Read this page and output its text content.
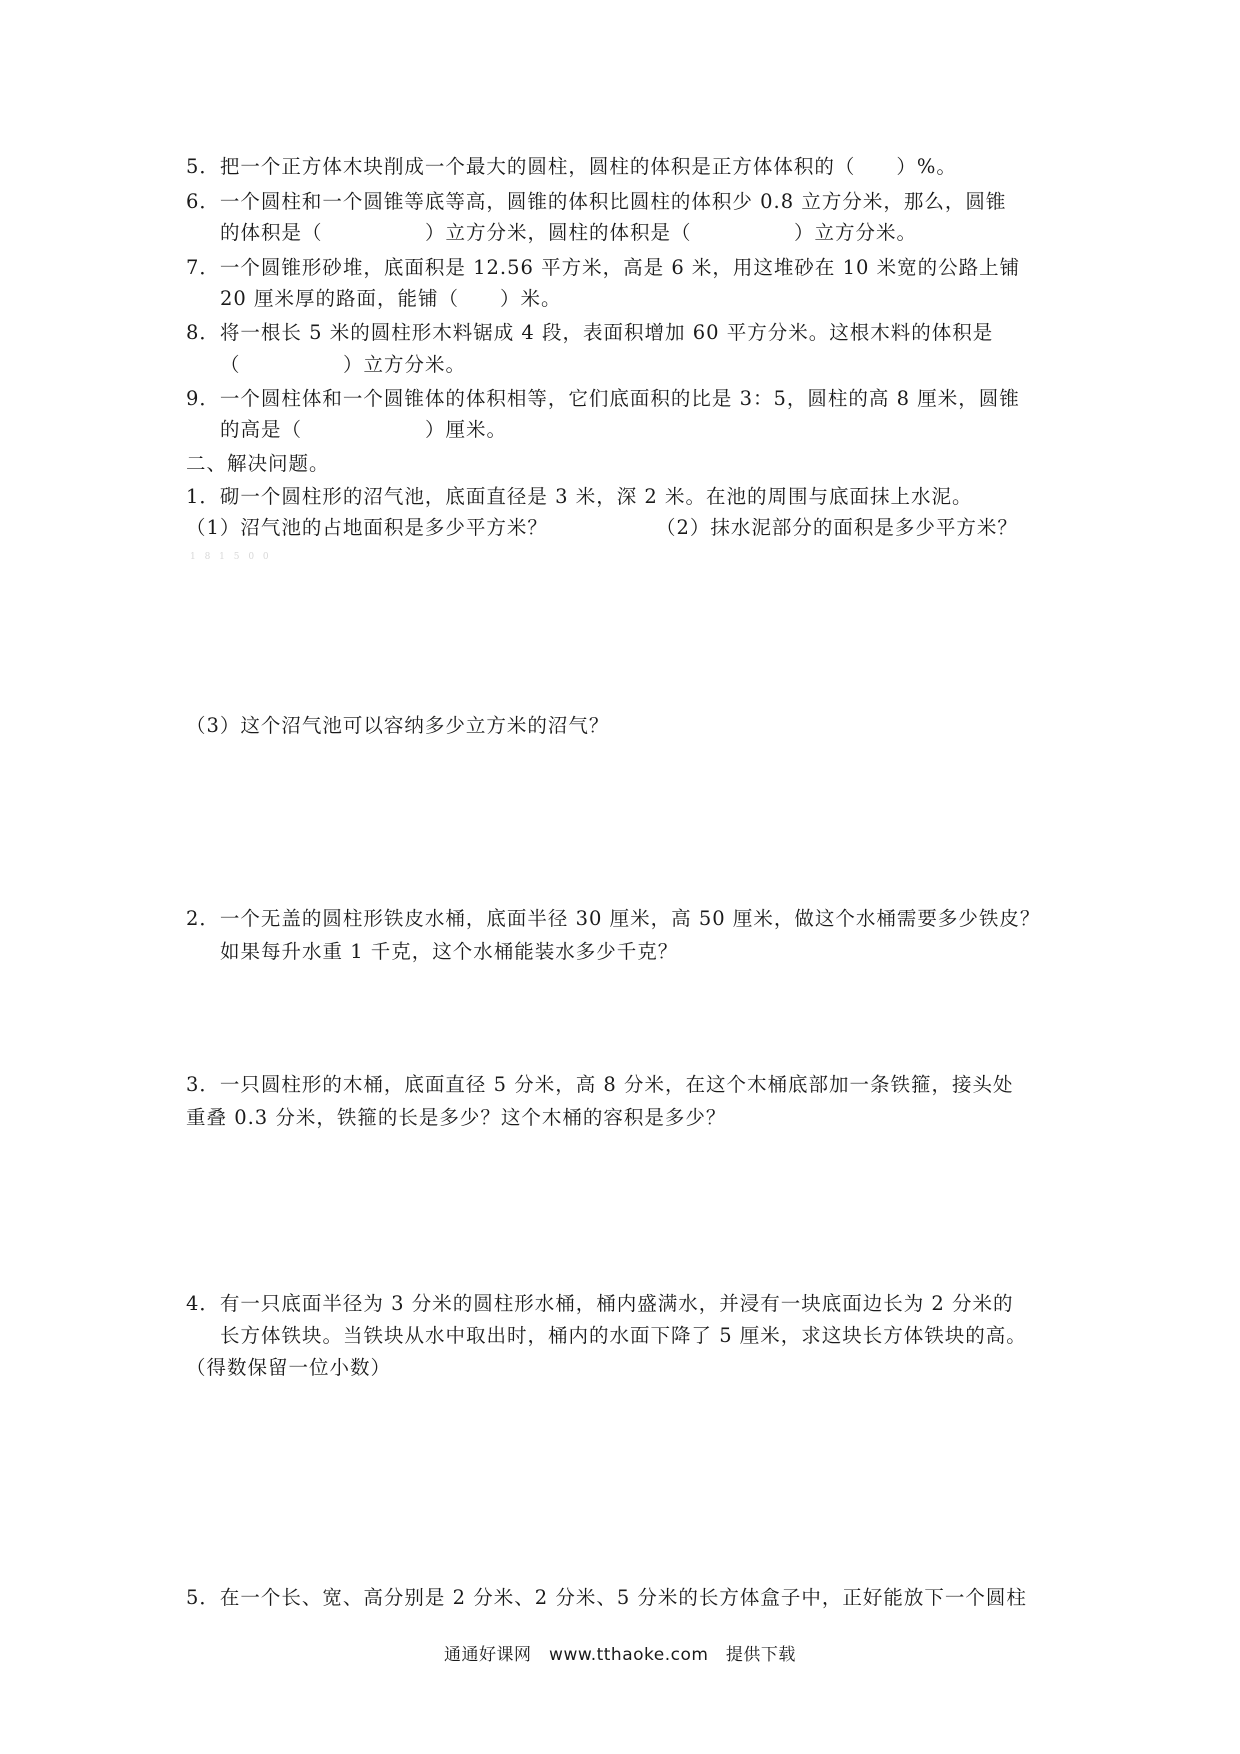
5．把一个正方体木块削成一个最大的圆柱，圆柱的体积是正方体体积的（　　）%。
6．一个圆柱和一个圆锥等底等高，圆锥的体积比圆柱的体积少 0.8 立方分米，那么，圆锥
的体积是（　　　　　）立方分米，圆柱的体积是（　　　　　）立方分米。
7．一个圆锥形砂堆，底面积是 12.56 平方米，高是 6 米，用这堆砂在 10 米宽的公路上铺
20 厘米厚的路面，能铺（　　）米。
8．将一根长 5 米的圆柱形木料锯成 4 段，表面积增加 60 平方分米。这根木料的体积是
（　　　　　）立方分米。
9．一个圆柱体和一个圆锥体的体积相等，它们底面积的比是 3：5，圆柱的高 8 厘米，圆锥
的高是（　　　　　　）厘米。
二、解决问题。
1．砌一个圆柱形的沼气池，底面直径是 3 米，深 2 米。在池的周围与底面抹上水泥。
（1）沼气池的占地面积是多少平方米？	（2）抹水泥部分的面积是多少平方米？
1 8 1 5 0 0
（3）这个沼气池可以容纳多少立方米的沼气？
2．一个无盖的圆柱形铁皮水桶，底面半径 30 厘米，高 50 厘米，做这个水桶需要多少铁皮？
如果每升水重 1 千克，这个水桶能装水多少千克？
3．一只圆柱形的木桶，底面直径 5 分米，高 8 分米，在这个木桶底部加一条铁箍，接头处
重叠 0.3 分米，铁箍的长是多少？这个木桶的容积是多少？
4．有一只底面半径为 3 分米的圆柱形水桶，桶内盛满水，并浸有一块底面边长为 2 分米的
长方体铁块。当铁块从水中取出时，桶内的水面下降了 5 厘米，求这块长方体铁块的高。
（得数保留一位小数）
5．在一个长、宽、高分别是 2 分米、2 分米、5 分米的长方体盒子中，正好能放下一个圆柱
通通好课网　www.tthaoke.com　提供下载
